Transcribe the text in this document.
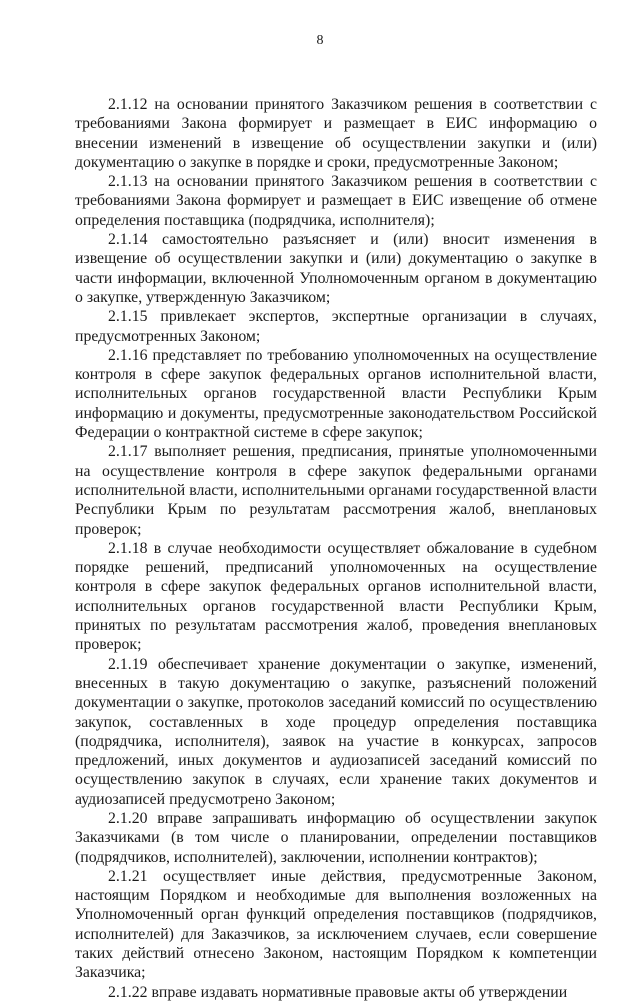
8

2.1.12 на основании принятого Заказчиком решения в соответствии с требованиями Закона формирует и размещает в ЕИС информацию о внесении изменений в извещение об осуществлении закупки и (или) документацию о закупке в порядке и сроки, предусмотренные Законом;

2.1.13 на основании принятого Заказчиком решения в соответствии с требованиями Закона формирует и размещает в ЕИС извещение об отмене определения поставщика (подрядчика, исполнителя);

2.1.14 самостоятельно разъясняет и (или) вносит изменения в извещение об осуществлении закупки и (или) документацию о закупке в части информации, включенной Уполномоченным органом в документацию о закупке, утвержденную Заказчиком;

2.1.15 привлекает экспертов, экспертные организации в случаях, предусмотренных Законом;

2.1.16 представляет по требованию уполномоченных на осуществление контроля в сфере закупок федеральных органов исполнительной власти, исполнительных органов государственной власти Республики Крым информацию и документы, предусмотренные законодательством Российской Федерации о контрактной системе в сфере закупок;

2.1.17 выполняет решения, предписания, принятые уполномоченными на осуществление контроля в сфере закупок федеральными органами исполнительной власти, исполнительными органами государственной власти Республики Крым по результатам рассмотрения жалоб, внеплановых проверок;

2.1.18 в случае необходимости осуществляет обжалование в судебном порядке решений, предписаний уполномоченных на осуществление контроля в сфере закупок федеральных органов исполнительной власти, исполнительных органов государственной власти Республики Крым, принятых по результатам рассмотрения жалоб, проведения внеплановых проверок;

2.1.19 обеспечивает хранение документации о закупке, изменений, внесенных в такую документацию о закупке, разъяснений положений документации о закупке, протоколов заседаний комиссий по осуществлению закупок, составленных в ходе процедур определения поставщика (подрядчика, исполнителя), заявок на участие в конкурсах, запросов предложений, иных документов и аудиозаписей заседаний комиссий по осуществлению закупок в случаях, если хранение таких документов и аудиозаписей предусмотрено Законом;

2.1.20 вправе запрашивать информацию об осуществлении закупок Заказчиками (в том числе о планировании, определении поставщиков (подрядчиков, исполнителей), заключении, исполнении контрактов);

2.1.21 осуществляет иные действия, предусмотренные Законом, настоящим Порядком и необходимые для выполнения возложенных на Уполномоченный орган функций определения поставщиков (подрядчиков, исполнителей) для Заказчиков, за исключением случаев, если совершение таких действий отнесено Законом, настоящим Порядком к компетенции Заказчика;

2.1.22 вправе издавать нормативные правовые акты об утверждении
